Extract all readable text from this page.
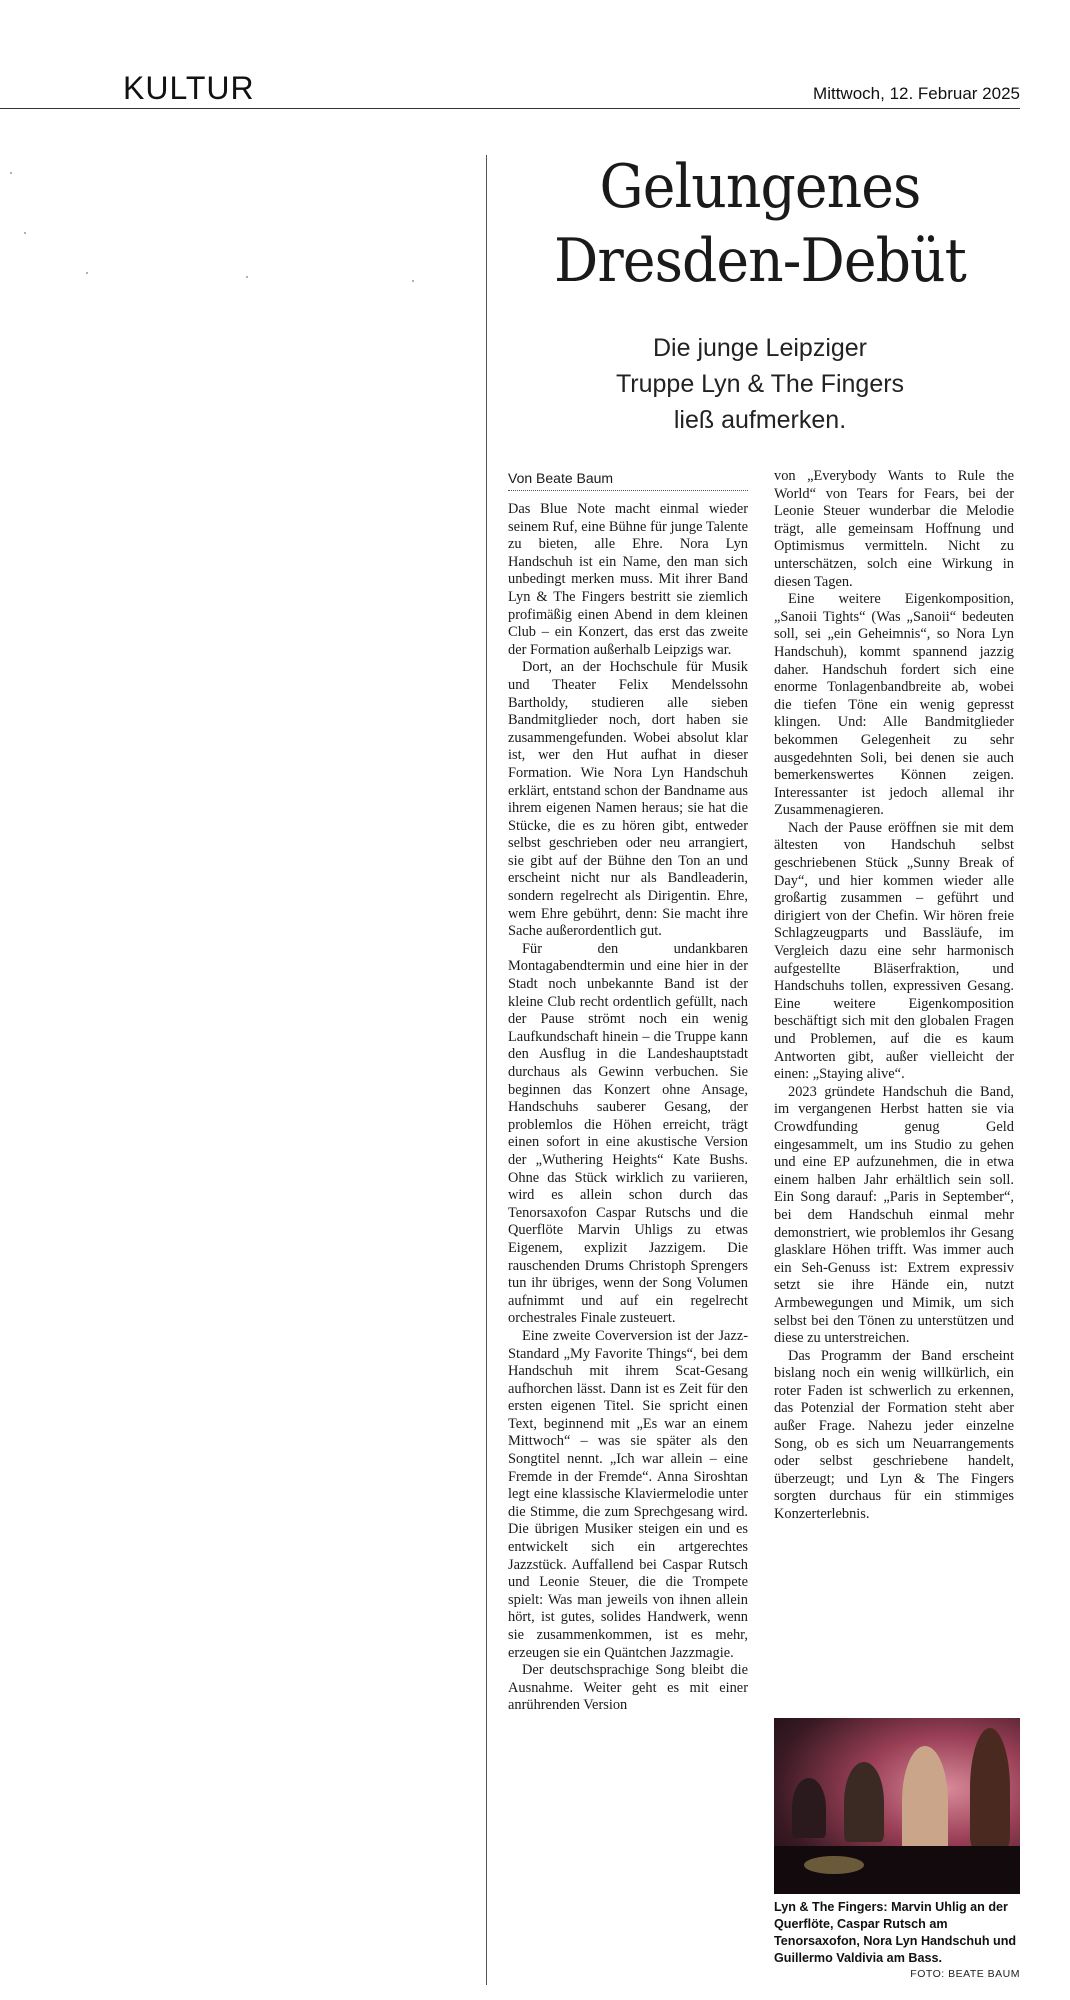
KULTUR	Mittwoch, 12. Februar 2025
Gelungenes
Dresden-Debüt

Die junge Leipziger
Truppe Lyn & The Fingers
ließ aufmerken.

Von Beate Baum

Das Blue Note macht einmal wieder seinem Ruf, eine Bühne für junge Talente zu bieten, alle Ehre. Nora Lyn Handschuh ist ein Name, den man sich unbedingt merken muss. Mit ihrer Band Lyn & The Fingers bestritt sie ziemlich profimäßig einen Abend in dem kleinen Club – ein Konzert, das erst das zweite der Formation außerhalb Leipzigs war.

Dort, an der Hochschule für Musik und Theater Felix Mendelssohn Bartholdy, studieren alle sieben Bandmitglieder noch, dort haben sie zusammengefunden. Wobei absolut klar ist, wer den Hut aufhat in dieser Formation. Wie Nora Lyn Handschuh erklärt, entstand schon der Bandname aus ihrem eigenen Namen heraus; sie hat die Stücke, die es zu hören gibt, entweder selbst geschrieben oder neu arrangiert, sie gibt auf der Bühne den Ton an und erscheint nicht nur als Bandleaderin, sondern regelrecht als Dirigentin. Ehre, wem Ehre gebührt, denn: Sie macht ihre Sache außerordentlich gut.

Für den undankbaren Montagabendtermin und eine hier in der Stadt noch unbekannte Band ist der kleine Club recht ordentlich gefüllt, nach der Pause strömt noch ein wenig Laufkundschaft hinein – die Truppe kann den Ausflug in die Landeshauptstadt durchaus als Gewinn verbuchen. Sie beginnen das Konzert ohne Ansage, Handschuhs sauberer Gesang, der problemlos die Höhen erreicht, trägt einen sofort in eine akustische Version der „Wuthering Heights“ Kate Bushs. Ohne das Stück wirklich zu variieren, wird es allein schon durch das Tenorsaxofon Caspar Rutschs und die Querflöte Marvin Uhligs zu etwas Eigenem, explizit Jazzigem. Die rauschenden Drums Christoph Sprengers tun ihr übriges, wenn der Song Volumen aufnimmt und auf ein regelrecht orchestrales Finale zusteuert.

Eine zweite Coverversion ist der Jazz-Standard „My Favorite Things“, bei dem Handschuh mit ihrem Scat-Gesang aufhorchen lässt. Dann ist es Zeit für den ersten eigenen Titel. Sie spricht einen Text, beginnend mit „Es war an einem Mittwoch“ – was sie später als den Songtitel nennt. „Ich war allein – eine Fremde in der Fremde“. Anna Siroshtan legt eine klassische Klaviermelodie unter die Stimme, die zum Sprechgesang wird. Die übrigen Musiker steigen ein und es entwickelt sich ein artgerechtes Jazzstück. Auffallend bei Caspar Rutsch und Leonie Steuer, die die Trompete spielt: Was man jeweils von ihnen allein hört, ist gutes, solides Handwerk, wenn sie zusammenkommen, ist es mehr, erzeugen sie ein Quäntchen Jazzmagie.

Der deutschsprachige Song bleibt die Ausnahme. Weiter geht es mit einer anrührenden Version

von „Everybody Wants to Rule the World“ von Tears for Fears, bei der Leonie Steuer wunderbar die Melodie trägt, alle gemeinsam Hoffnung und Optimismus vermitteln. Nicht zu unterschätzen, solch eine Wirkung in diesen Tagen.

Eine weitere Eigenkomposition, „Sanoii Tights“ (Was „Sanoii“ bedeuten soll, sei „ein Geheimnis“, so Nora Lyn Handschuh), kommt spannend jazzig daher. Handschuh fordert sich eine enorme Tonlagenbandbreite ab, wobei die tiefen Töne ein wenig gepresst klingen. Und: Alle Bandmitglieder bekommen Gelegenheit zu sehr ausgedehnten Soli, bei denen sie auch bemerkenswertes Können zeigen. Interessanter ist jedoch allemal ihr Zusammenagieren.

Nach der Pause eröffnen sie mit dem ältesten von Handschuh selbst geschriebenen Stück „Sunny Break of Day“, und hier kommen wieder alle großartig zusammen – geführt und dirigiert von der Chefin. Wir hören freie Schlagzeugparts und Bassläufe, im Vergleich dazu eine sehr harmonisch aufgestellte Bläserfraktion, und Handschuhs tollen, expressiven Gesang. Eine weitere Eigenkomposition beschäftigt sich mit den globalen Fragen und Problemen, auf die es kaum Antworten gibt, außer vielleicht der einen: „Staying alive“.

2023 gründete Handschuh die Band, im vergangenen Herbst hatten sie via Crowdfunding genug Geld eingesammelt, um ins Studio zu gehen und eine EP aufzunehmen, die in etwa einem halben Jahr erhältlich sein soll. Ein Song darauf: „Paris in September“, bei dem Handschuh einmal mehr demonstriert, wie problemlos ihr Gesang glasklare Höhen trifft. Was immer auch ein Seh-Genuss ist: Extrem expressiv setzt sie ihre Hände ein, nutzt Armbewegungen und Mimik, um sich selbst bei den Tönen zu unterstützen und diese zu unterstreichen.

Das Programm der Band erscheint bislang noch ein wenig willkürlich, ein roter Faden ist schwerlich zu erkennen, das Potenzial der Formation steht aber außer Frage. Nahezu jeder einzelne Song, ob es sich um Neuarrangements oder selbst geschriebene handelt, überzeugt; und Lyn & The Fingers sorgten durchaus für ein stimmiges Konzerterlebnis.

Lyn & The Fingers: Marvin Uhlig an der Querflöte, Caspar Rutsch am Tenorsaxofon, Nora Lyn Handschuh und Guillermo Valdivia am Bass.
FOTO: BEATE BAUM
